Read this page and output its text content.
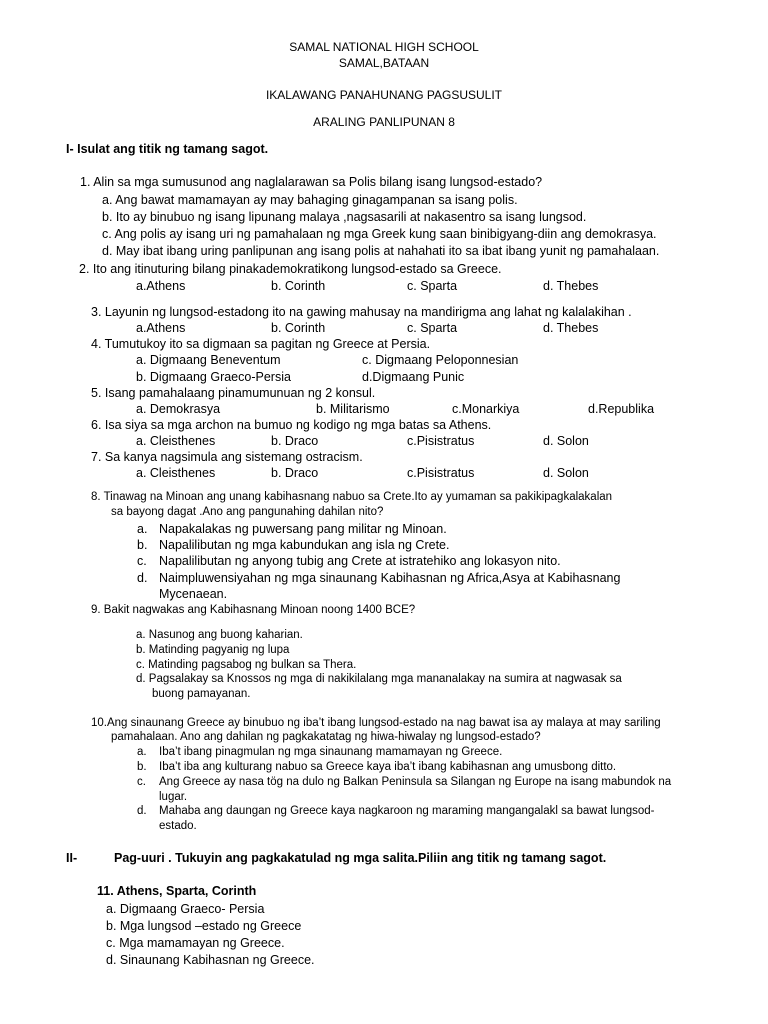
SAMAL NATIONAL HIGH SCHOOL
SAMAL,BATAAN
IKALAWANG PANAHUNANG PAGSUSULIT
ARALING PANLIPUNAN 8
I- Isulat ang titik ng tamang sagot.
1. Alin sa mga sumusunod ang naglalarawan sa Polis bilang isang lungsod-estado?
a. Ang bawat mamamayan ay may bahaging ginagampanan sa isang polis.
b. Ito ay binubuo ng isang lipunang malaya ,nagsasarili at nakasentro sa isang lungsod.
c. Ang polis ay isang uri ng pamahalaan ng mga Greek kung saan binibigyang-diin ang demokrasya.
d. May ibat ibang uring panlipunan ang isang polis at nahahati ito sa ibat ibang yunit ng pamahalaan.
2. Ito ang itinuturing bilang pinakademokratikong lungsod-estado sa Greece.
a.Athens	b. Corinth	c. Sparta	d. Thebes
3. Layunin ng lungsod-estadong ito na gawing mahusay na mandirigma ang lahat ng kalalakihan .
a.Athens	b. Corinth	c. Sparta	d. Thebes
4. Tumutukoy ito sa digmaan sa pagitan ng Greece at Persia.
a. Digmaang Beneventum	c. Digmaang Peloponnesian
b. Digmaang Graeco-Persia	d.Digmaang Punic
5. Isang pamahalaang pinamumunuan ng 2 konsul.
a. Demokrasya	b. Militarismo	c.Monarkiya	d.Republika
6. Isa siya sa mga archon na bumuo ng kodigo ng mga batas sa Athens.
a. Cleisthenes	b. Draco	c.Pisistratus	d. Solon
7. Sa kanya nagsimula ang sistemang ostracism.
a. Cleisthenes	b. Draco	c.Pisistratus	d. Solon
8. Tinawag na Minoan ang unang kabihasnang nabuo sa Crete.Ito ay yumaman sa pakikipagkalakalan
sa bayong dagat .Ano ang pangunahing dahilan nito?
a. Napakalakas ng puwersang pang militar ng Minoan.
b. Napalilibutan ng mga kabundukan ang isla ng Crete.
c. Napalilibutan ng anyong tubig ang Crete at istratehiko ang lokasyon nito.
d. Naimpluwensiyahan ng mga sinaunang Kabihasnan ng Africa,Asya at Kabihasnang
Mycenaean.
9. Bakit nagwakas ang Kabihasnang Minoan noong 1400 BCE?
a. Nasunog ang buong kaharian.
b. Matinding pagyanig ng lupa
c. Matinding pagsabog ng bulkan sa Thera.
d. Pagsalakay sa Knossos ng mga di nakikilalang mga mananalakay na sumira at nagwasak sa
buong pamayanan.
10.Ang sinaunang Greece ay binubuo ng iba’t ibang lungsod-estado na nag bawat isa ay malaya at may sariling
pamahalaan. Ano ang dahilan ng pagkakatatag ng hiwa-hiwalay ng lungsod-estado?
a. Iba’t ibang pinagmulan ng mga sinaunang mamamayan ng Greece.
b. Iba’t iba ang kulturang nabuo sa Greece kaya iba’t ibang kabihasnan ang umusbong ditto.
c. Ang Greece ay nasa tög na dulo ng Balkan Peninsula sa Silangan ng Europe na isang mabundok na
lugar.
d. Mahaba ang daungan ng Greece kaya nagkaroon ng maraming mangangalakl sa bawat lungsod-
estado.
II-	Pag-uuri . Tukuyin ang pagkakatulad ng mga salita.Piliin ang titik ng tamang sagot.
11. Athens, Sparta, Corinth
a. Digmaang Graeco- Persia
b. Mga lungsod –estado ng Greece
c. Mga mamamayan ng Greece.
d. Sinaunang Kabihasnan ng Greece.
